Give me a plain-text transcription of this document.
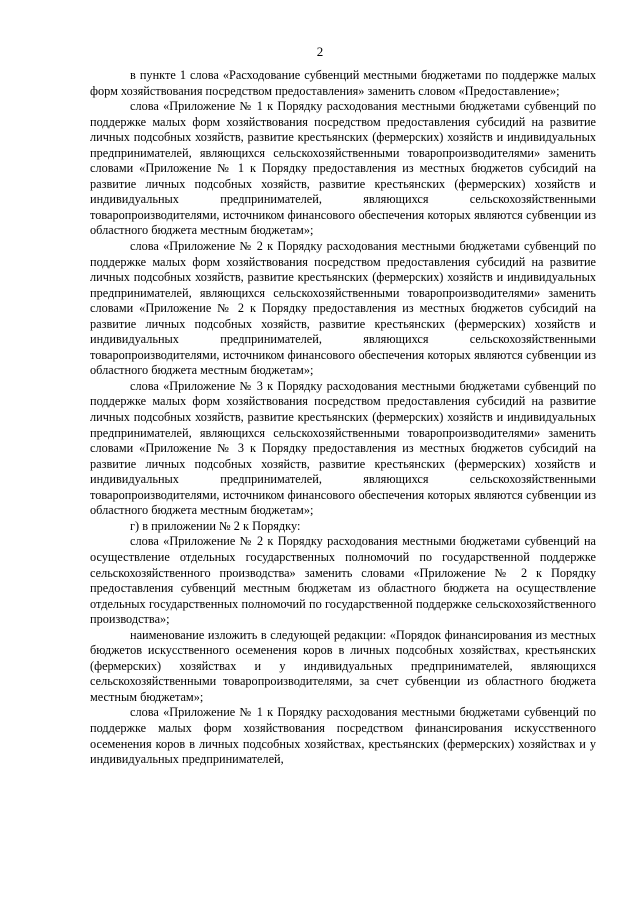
2

в пункте 1 слова «Расходование субвенций местными бюджетами по поддержке малых форм хозяйствования посредством предоставления» заменить словом «Предоставление»;

слова «Приложение № 1 к Порядку расходования местными бюджетами субвенций по поддержке малых форм хозяйствования посредством предоставления субсидий на развитие личных подсобных хозяйств, развитие крестьянских (фермерских) хозяйств и индивидуальных предпринимателей, являющихся сельскохозяйственными товаропроизводителями» заменить словами «Приложение № 1 к Порядку предоставления из местных бюджетов субсидий на развитие личных подсобных хозяйств, развитие крестьянских (фермерских) хозяйств и индивидуальных предпринимателей, являющихся сельскохозяйственными товаропроизводителями, источником финансового обеспечения которых являются субвенции из областного бюджета местным бюджетам»;

слова «Приложение № 2 к Порядку расходования местными бюджетами субвенций по поддержке малых форм хозяйствования посредством предоставления субсидий на развитие личных подсобных хозяйств, развитие крестьянских (фермерских) хозяйств и индивидуальных предпринимателей, являющихся сельскохозяйственными товаропроизводителями» заменить словами «Приложение № 2 к Порядку предоставления из местных бюджетов субсидий на развитие личных подсобных хозяйств, развитие крестьянских (фермерских) хозяйств и индивидуальных предпринимателей, являющихся сельскохозяйственными товаропроизводителями, источником финансового обеспечения которых являются субвенции из областного бюджета местным бюджетам»;

слова «Приложение № 3 к Порядку расходования местными бюджетами субвенций по поддержке малых форм хозяйствования посредством предоставления субсидий на развитие личных подсобных хозяйств, развитие крестьянских (фермерских) хозяйств и индивидуальных предпринимателей, являющихся сельскохозяйственными товаропроизводителями» заменить словами «Приложение № 3 к Порядку предоставления из местных бюджетов субсидий на развитие личных подсобных хозяйств, развитие крестьянских (фермерских) хозяйств и индивидуальных предпринимателей, являющихся сельскохозяйственными товаропроизводителями, источником финансового обеспечения которых являются субвенции из областного бюджета местным бюджетам»;

г) в приложении № 2 к Порядку:

слова «Приложение № 2 к Порядку расходования местными бюджетами субвенций на осуществление отдельных государственных полномочий по государственной поддержке сельскохозяйственного производства» заменить словами «Приложение № 2 к Порядку предоставления субвенций местным бюджетам из областного бюджета на осуществление отдельных государственных полномочий по государственной поддержке сельскохозяйственного производства»;

наименование изложить в следующей редакции: «Порядок финансирования из местных бюджетов искусственного осеменения коров в личных подсобных хозяйствах, крестьянских (фермерских) хозяйствах и у индивидуальных предпринимателей, являющихся сельскохозяйственными товаропроизводителями, за счет субвенции из областного бюджета местным бюджетам»;

слова «Приложение № 1 к Порядку расходования местными бюджетами субвенций по поддержке малых форм хозяйствования посредством финансирования искусственного осеменения коров в личных подсобных хозяйствах, крестьянских (фермерских) хозяйствах и у индивидуальных предпринимателей,
